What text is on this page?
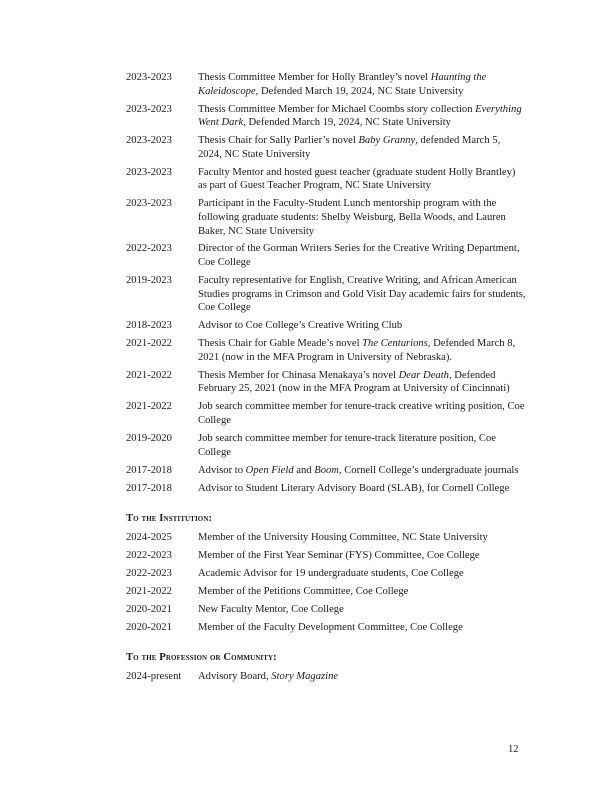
2023-2023	Thesis Committee Member for Holly Brantley’s novel Haunting the Kaleidoscope, Defended March 19, 2024, NC State University
2023-2023	Thesis Committee Member for Michael Coombs story collection Everything Went Dark, Defended March 19, 2024, NC State University
2023-2023	Thesis Chair for Sally Parlier’s novel Baby Granny, defended March 5, 2024, NC State University
2023-2023	Faculty Mentor and hosted guest teacher (graduate student Holly Brantley) as part of Guest Teacher Program, NC State University
2023-2023	Participant in the Faculty-Student Lunch mentorship program with the following graduate students: Shelby Weisburg, Bella Woods, and Lauren Baker, NC State University
2022-2023	Director of the Gorman Writers Series for the Creative Writing Department, Coe College
2019-2023	Faculty representative for English, Creative Writing, and African American Studies programs in Crimson and Gold Visit Day academic fairs for students, Coe College
2018-2023	Advisor to Coe College’s Creative Writing Club
2021-2022	Thesis Chair for Gable Meade’s novel The Centurions, Defended March 8, 2021 (now in the MFA Program in University of Nebraska).
2021-2022	Thesis Member for Chinasa Menakaya’s novel Dear Death, Defended February 25, 2021 (now in the MFA Program at University of Cincinnati)
2021-2022	Job search committee member for tenure-track creative writing position, Coe College
2019-2020	Job search committee member for tenure-track literature position, Coe College
2017-2018	Advisor to Open Field and Boom, Cornell College’s undergraduate journals
2017-2018	Advisor to Student Literary Advisory Board (SLAB), for Cornell College
To the Institution:
2024-2025	Member of the University Housing Committee, NC State University
2022-2023	Member of the First Year Seminar (FYS) Committee, Coe College
2022-2023	Academic Advisor for 19 undergraduate students, Coe College
2021-2022	Member of the Petitions Committee, Coe College
2020-2021	New Faculty Mentor, Coe College
2020-2021	Member of the Faculty Development Committee, Coe College
To the Profession or Community:
2024-present	Advisory Board, Story Magazine
12
